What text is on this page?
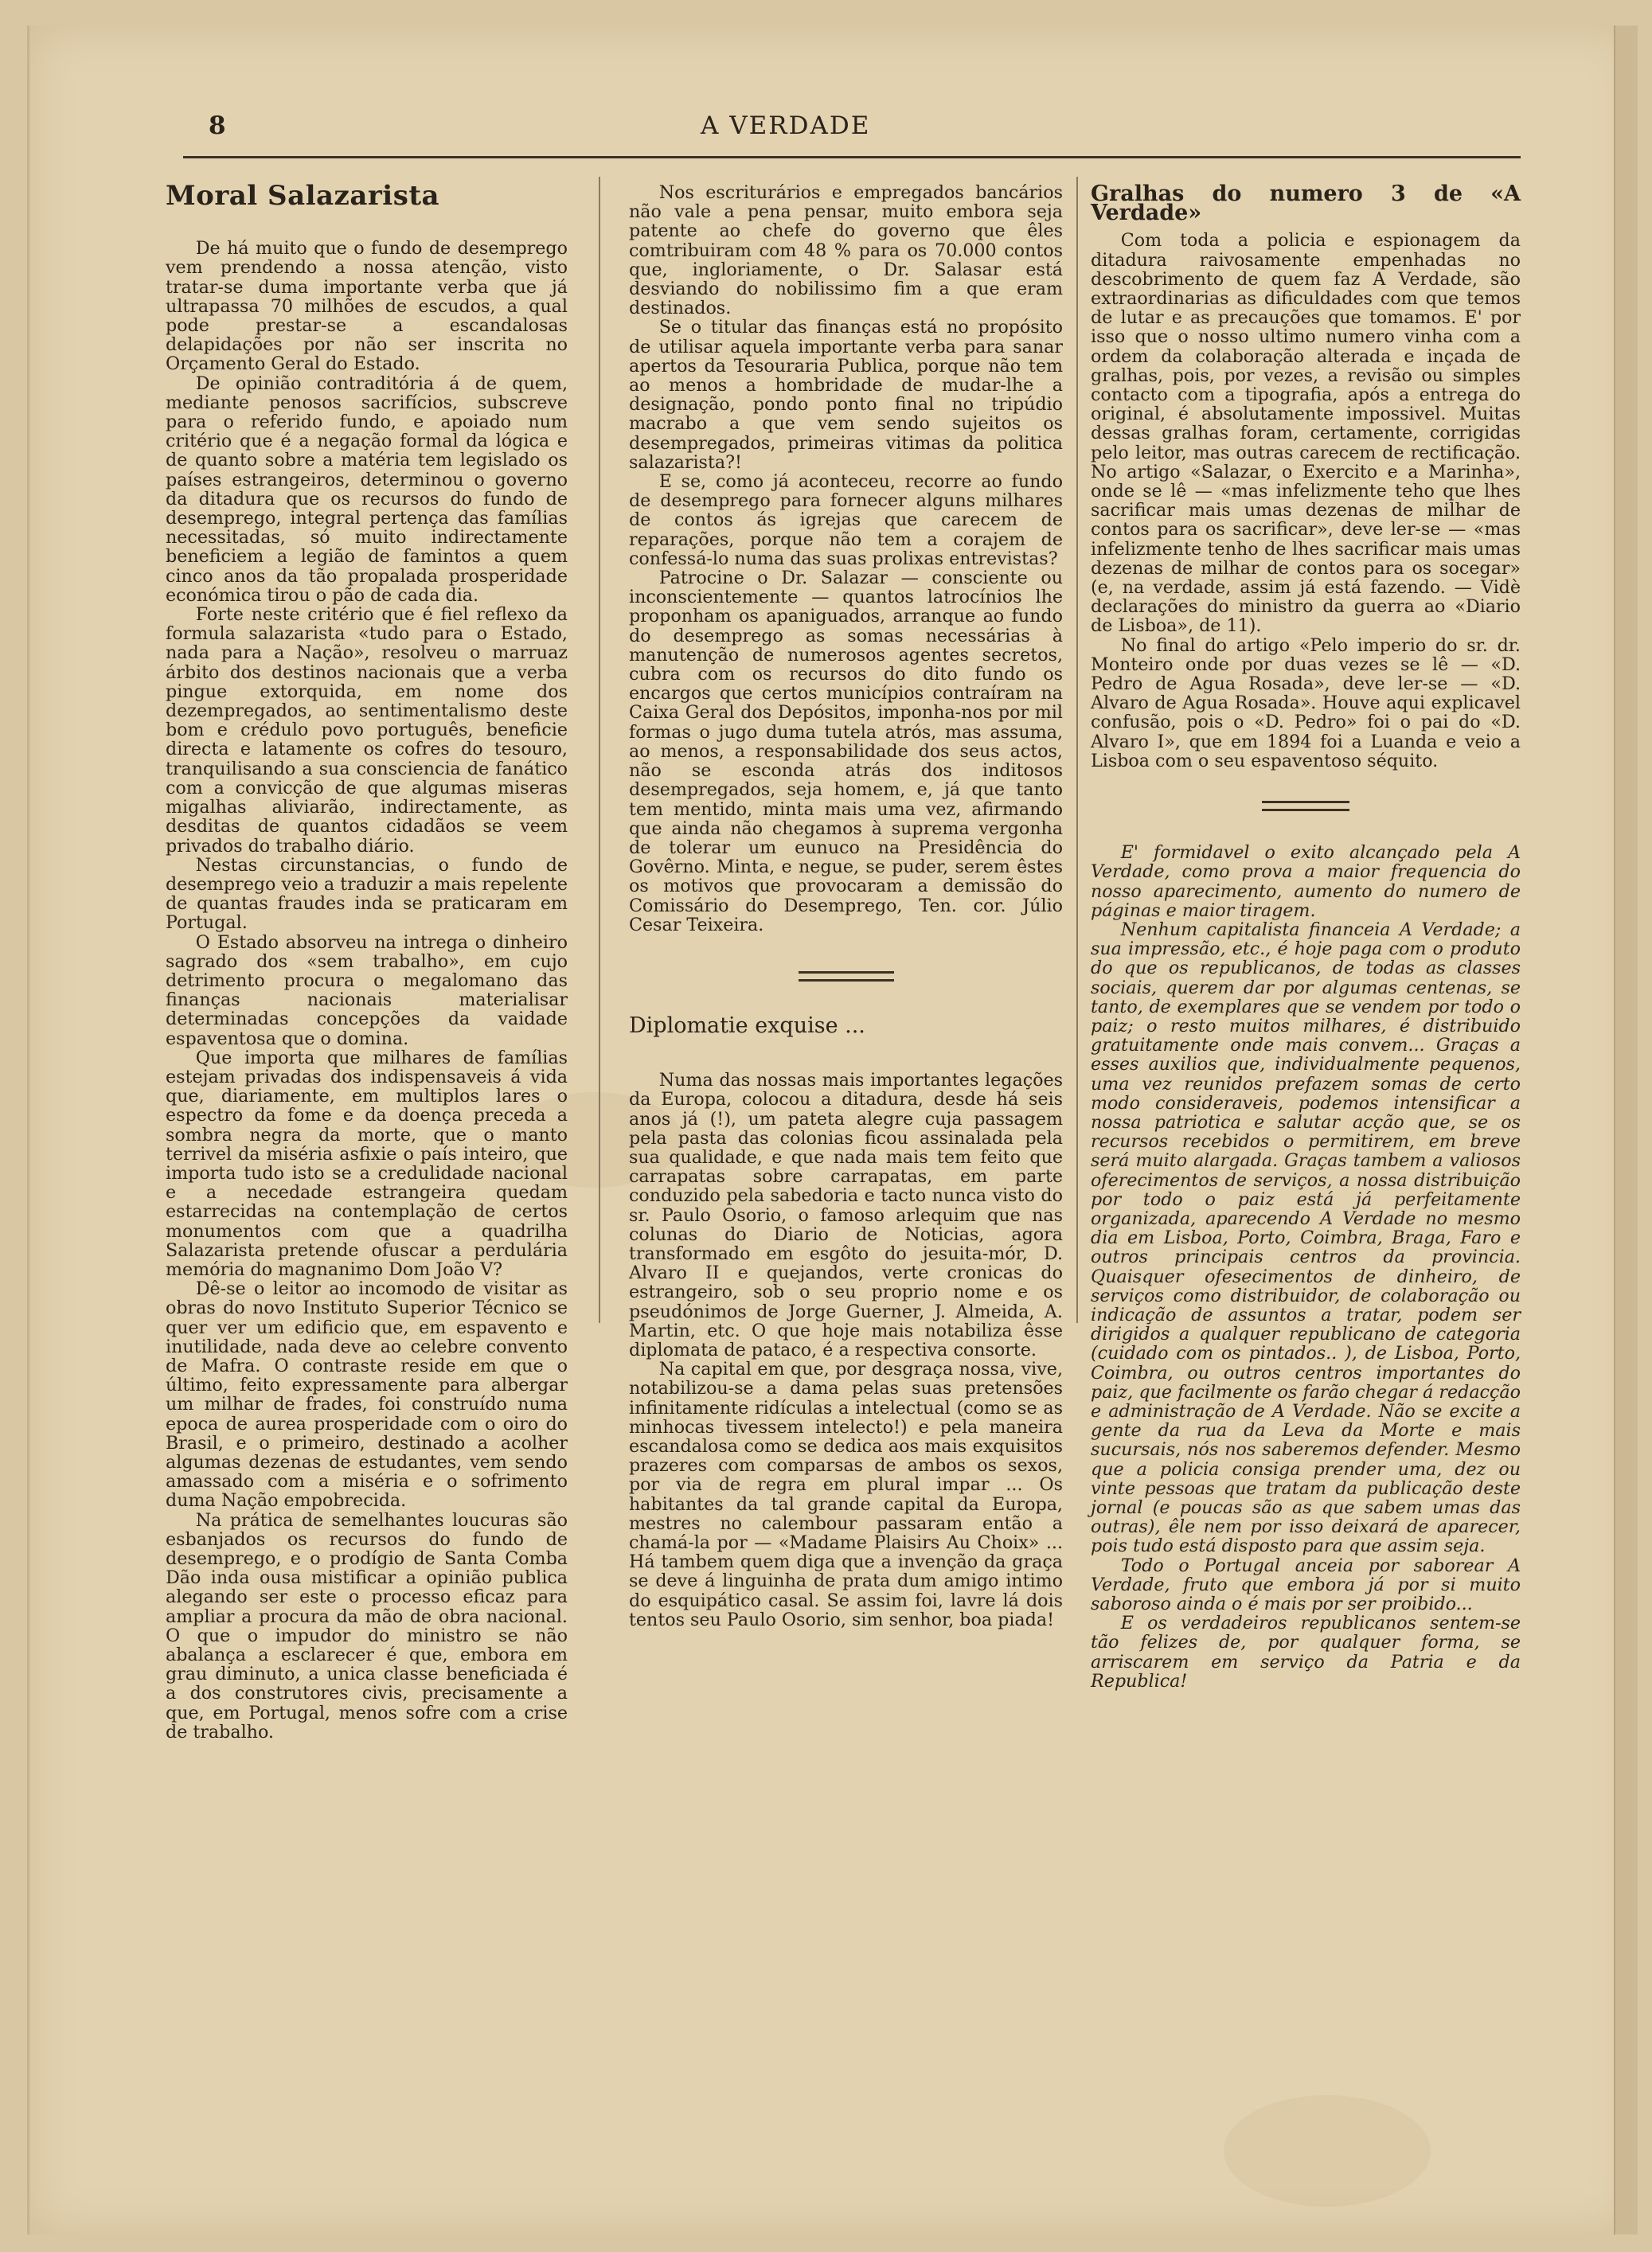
8	A VERDADE
Moral Salazarista

De há muito que o fundo de desemprego vem prendendo a nossa atenção, visto tratar-se duma importante verba que já ultrapassa 70 milhões de escudos, a qual pode prestar-se a escandalosas delapidações por não ser inscrita no Orçamento Geral do Estado.

De opinião contraditória á de quem, mediante penosos sacrifícios, subscreve para o referido fundo, e apoiado num critério que é a negação formal da lógica e de quanto sobre a matéria tem legislado os países estrangeiros, determinou o governo da ditadura que os recursos do fundo de desemprego, integral pertença das famílias necessitadas, só muito indirectamente beneficiem a legião de famintos a quem cinco anos da tão propalada prosperidade económica tirou o pão de cada dia.

Forte neste critério que é fiel reflexo da formula salazarista «tudo para o Estado, nada para a Nação», resolveu o marruaz árbito dos destinos nacionais que a verba pingue extorquida, em nome dos dezempregados, ao sentimentalismo deste bom e crédulo povo português, beneficie directa e latamente os cofres do tesouro, tranquilisando a sua consciencia de fanático com a convicção de que algumas miseras migalhas aliviarão, indirectamente, as desditas de quantos cidadãos se veem privados do trabalho diário.

Nestas circunstancias, o fundo de desemprego veio a traduzir a mais repelente de quantas fraudes inda se praticaram em Portugal.

O Estado absorveu na intrega o dinheiro sagrado dos «sem trabalho», em cujo detrimento procura o megalomano das finanças nacionais materialisar determinadas concepções da vaidade espaventosa que o domina.

Que importa que milhares de famílias estejam privadas dos indispensaveis á vida que, diariamente, em multiplos lares o espectro da fome e da doença preceda a sombra negra da morte, que o manto terrivel da miséria asfixie o país inteiro, que importa tudo isto se a credulidade nacional e a necedade estrangeira quedam estarrecidas na contemplação de certos monumentos com que a quadrilha Salazarista pretende ofuscar a perdulária memória do magnanimo Dom João V?

Dê-se o leitor ao incomodo de visitar as obras do novo Instituto Superior Técnico se quer ver um edificio que, em espavento e inutilidade, nada deve ao celebre convento de Mafra. O contraste reside em que o último, feito expressamente para albergar um milhar de frades, foi construído numa epoca de aurea prosperidade com o oiro do Brasil, e o primeiro, destinado a acolher algumas dezenas de estudantes, vem sendo amassado com a miséria e o sofrimento duma Nação empobrecida.

Na prática de semelhantes loucuras são esbanjados os recursos do fundo de desemprego, e o prodígio de Santa Comba Dão inda ousa mistificar a opinião publica alegando ser este o processo eficaz para ampliar a procura da mão de obra nacional. O que o impudor do ministro se não abalança a esclarecer é que, embora em grau diminuto, a unica classe beneficiada é a dos construtores civis, precisamente a que, em Portugal, menos sofre com a crise de trabalho.

Nos escriturários e empregados bancários não vale a pena pensar, muito embora seja patente ao chefe do governo que êles comtribuiram com 48 % para os 70.000 contos que, ingloriamente, o Dr. Salasar está desviando do nobilissimo fim a que eram destinados.

Se o titular das finanças está no propósito de utilisar aquela importante verba para sanar apertos da Tesouraria Publica, porque não tem ao menos a hombridade de mudar-lhe a designação, pondo ponto final no tripúdio macrabo a que vem sendo sujeitos os desempregados, primeiras vitimas da politica salazarista?!

E se, como já aconteceu, recorre ao fundo de desemprego para fornecer alguns milhares de contos ás igrejas que carecem de reparações, porque não tem a corajem de confessá-lo numa das suas prolixas entrevistas?

Patrocine o Dr. Salazar — consciente ou inconscientemente — quantos latrocínios lhe proponham os apaniguados, arranque ao fundo do desemprego as somas necessárias à manutenção de numerosos agentes secretos, cubra com os recursos do dito fundo os encargos que certos municípios contraíram na Caixa Geral dos Depósitos, imponha-nos por mil formas o jugo duma tutela atrós, mas assuma, ao menos, a responsabilidade dos seus actos, não se esconda atrás dos inditosos desempregados, seja homem, e, já que tanto tem mentido, minta mais uma vez, afirmando que ainda não chegamos à suprema vergonha de tolerar um eunuco na Presidência do Govêrno. Minta, e negue, se puder, serem êstes os motivos que provocaram a demissão do Comissário do Desemprego, Ten. cor. Júlio Cesar Teixeira.

Diplomatie exquise ...

Numa das nossas mais importantes legações da Europa, colocou a ditadura, desde há seis anos já (!), um pateta alegre cuja passagem pela pasta das colonias ficou assinalada pela sua qualidade, e que nada mais tem feito que carrapatas sobre carrapatas, em parte conduzido pela sabedoria e tacto nunca visto do sr. Paulo Osorio, o famoso arlequim que nas colunas do Diario de Noticias, agora transformado em esgôto do jesuita-mór, D. Alvaro II e quejandos, verte cronicas do estrangeiro, sob o seu proprio nome e os pseudónimos de Jorge Guerner, J. Almeida, A. Martin, etc. O que hoje mais notabiliza êsse diplomata de pataco, é a respectiva consorte.

Na capital em que, por desgraça nossa, vive, notabilizou-se a dama pelas suas pretensões infinitamente ridículas a intelectual (como se as minhocas tivessem intelecto!) e pela maneira escandalosa como se dedica aos mais exquisitos prazeres com comparsas de ambos os sexos, por via de regra em plural impar ... Os habitantes da tal grande capital da Europa, mestres no calembour passaram então a chamá-la por — «Madame Plaisirs Au Choix» ... Há tambem quem diga que a invenção da graça se deve á linguinha de prata dum amigo intimo do esquipático casal. Se assim foi, lavre lá dois tentos seu Paulo Osorio, sim senhor, boa piada!

Gralhas do numero 3 de «A Verdade»

Com toda a policia e espionagem da ditadura raivosamente empenhadas no descobrimento de quem faz A Verdade, são extraordinarias as dificuldades com que temos de lutar e as precauções que tomamos. E' por isso que o nosso ultimo numero vinha com a ordem da colaboração alterada e inçada de gralhas, pois, por vezes, a revisão ou simples contacto com a tipografia, após a entrega do original, é absolutamente impossivel. Muitas dessas gralhas foram, certamente, corrigidas pelo leitor, mas outras carecem de rectificação. No artigo «Salazar, o Exercito e a Marinha», onde se lê — «mas infelizmente teho que lhes sacrificar mais umas dezenas de milhar de contos para os sacrificar», deve ler-se — «mas infelizmente tenho de lhes sacrificar mais umas dezenas de milhar de contos para os socegar» (e, na verdade, assim já está fazendo. — Vidè declarações do ministro da guerra ao «Diario de Lisboa», de 11).

No final do artigo «Pelo imperio do sr. dr. Monteiro onde por duas vezes se lê — «D. Pedro de Agua Rosada», deve ler-se — «D. Alvaro de Agua Rosada». Houve aqui explicavel confusão, pois o «D. Pedro» foi o pai do «D. Alvaro I», que em 1894 foi a Luanda e veio a Lisboa com o seu espaventoso séquito.

E' formidavel o exito alcançado pela A Verdade, como prova a maior frequencia do nosso aparecimento, aumento do numero de páginas e maior tiragem.

Nenhum capitalista financeia A Verdade; a sua impressão, etc., é hoje paga com o produto do que os republicanos, de todas as classes sociais, querem dar por algumas centenas, se tanto, de exemplares que se vendem por todo o paiz; o resto muitos milhares, é distribuido gratuitamente onde mais convem... Graças a esses auxilios que, individualmente pequenos, uma vez reunidos prefazem somas de certo modo consideraveis, podemos intensificar a nossa patriotica e salutar acção que, se os recursos recebidos o permitirem, em breve será muito alargada. Graças tambem a valiosos oferecimentos de serviços, a nossa distribuição por todo o paiz está já perfeitamente organizada, aparecendo A Verdade no mesmo dia em Lisboa, Porto, Coimbra, Braga, Faro e outros principais centros da provincia. Quaisquer ofesecimentos de dinheiro, de serviços como distribuidor, de colaboração ou indicação de assuntos a tratar, podem ser dirigidos a qualquer republicano de categoria (cuidado com os pintados.. ), de Lisboa, Porto, Coimbra, ou outros centros importantes do paiz, que facilmente os farão chegar á redacção e administração de A Verdade. Não se excite a gente da rua da Leva da Morte e mais sucursais, nós nos saberemos defender. Mesmo que a policia consiga prender uma, dez ou vinte pessoas que tratam da publicação deste jornal (e poucas são as que sabem umas das outras), êle nem por isso deixará de aparecer, pois tudo está disposto para que assim seja.

Todo o Portugal anceia por saborear A Verdade, fruto que embora já por si muito saboroso ainda o é mais por ser proibido...

E os verdadeiros republicanos sentem-se tão felizes de, por qualquer forma, se arriscarem em serviço da Patria e da Republica!
